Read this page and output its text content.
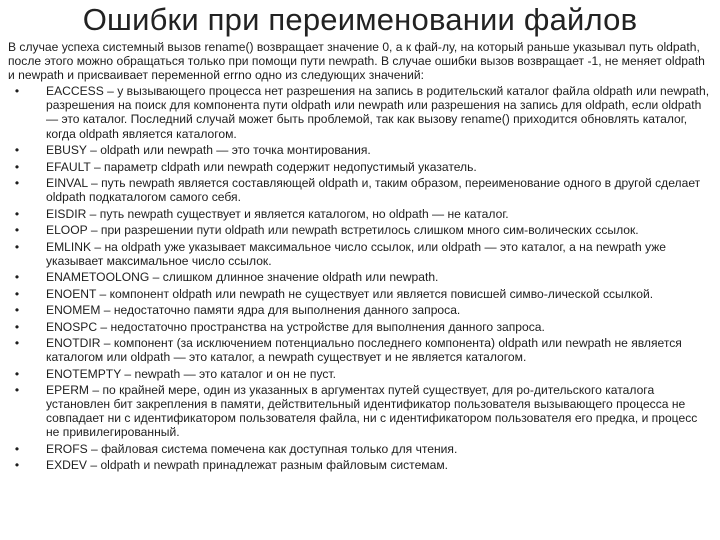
Ошибки при переименовании файлов

В случае успеха системный вызов rename() возвращает значение 0, а к фай-лу, на который раньше указывал путь oldpath, после этого можно обращаться только при помощи пути newpath. В случае ошибки вызов возвращает -1, не меняет oldpath и newpath и присваивает переменной errno одно из следующих значений:

• EACCESS – у вызывающего процесса нет разрешения на запись в родительский каталог файла oldpath или newpath, разрешения на поиск для компонента пути oldpath или newpath или разрешения на запись для oldpath, если oldpath — это каталог. Последний случай может быть проблемой, так как вызову rename() приходится обновлять каталог, когда oldpath является каталогом.
• EBUSY – oldpath или newpath — это точка монтирования.
• EFAULT – параметр cldpath или newpath содержит недопустимый указатель.
• EINVAL – путь newpath является составляющей oldpath и, таким образом, переименование одного в другой сделает oldpath подкаталогом самого себя.
• EISDIR – путь newpath существует и является каталогом, но oldpath — не каталог.
• ELOOP – при разрешении пути oldpath или newpath встретилось слишком много сим-волических ссылок.
• EMLINK – на oldpath уже указывает максимальное число ссылок, или oldpath — это каталог, а на newpath уже указывает максимальное число ссылок.
• ENAMETOOLONG – слишком длинное значение oldpath или newpath.
• ENOENT – компонент oldpath или newpath не существует или является повисшей симво-лической ссылкой.
• ENOMEM – недостаточно памяти ядра для выполнения данного запроса.
• ENOSPC – недостаточно пространства на устройстве для выполнения данного запроса.
• ENOTDIR – компонент (за исключением потенциально последнего компонента) oldpath или newpath не является каталогом или oldpath — это каталог, а newpath существует и не является каталогом.
• ENOTEMPTY – newpath — это каталог и он не пуст.
• EPERM – по крайней мере, один из указанных в аргументах путей существует, для ро-дительского каталога установлен бит закрепления в памяти, действительный идентификатор пользователя вызывающего процесса не совпадает ни с идентификатором пользователя файла, ни с идентификатором пользователя его предка, и процесс не привилегированный.
• EROFS – файловая система помечена как доступная только для чтения.
• EXDEV – oldpath и newpath принадлежат разным файловым системам.
